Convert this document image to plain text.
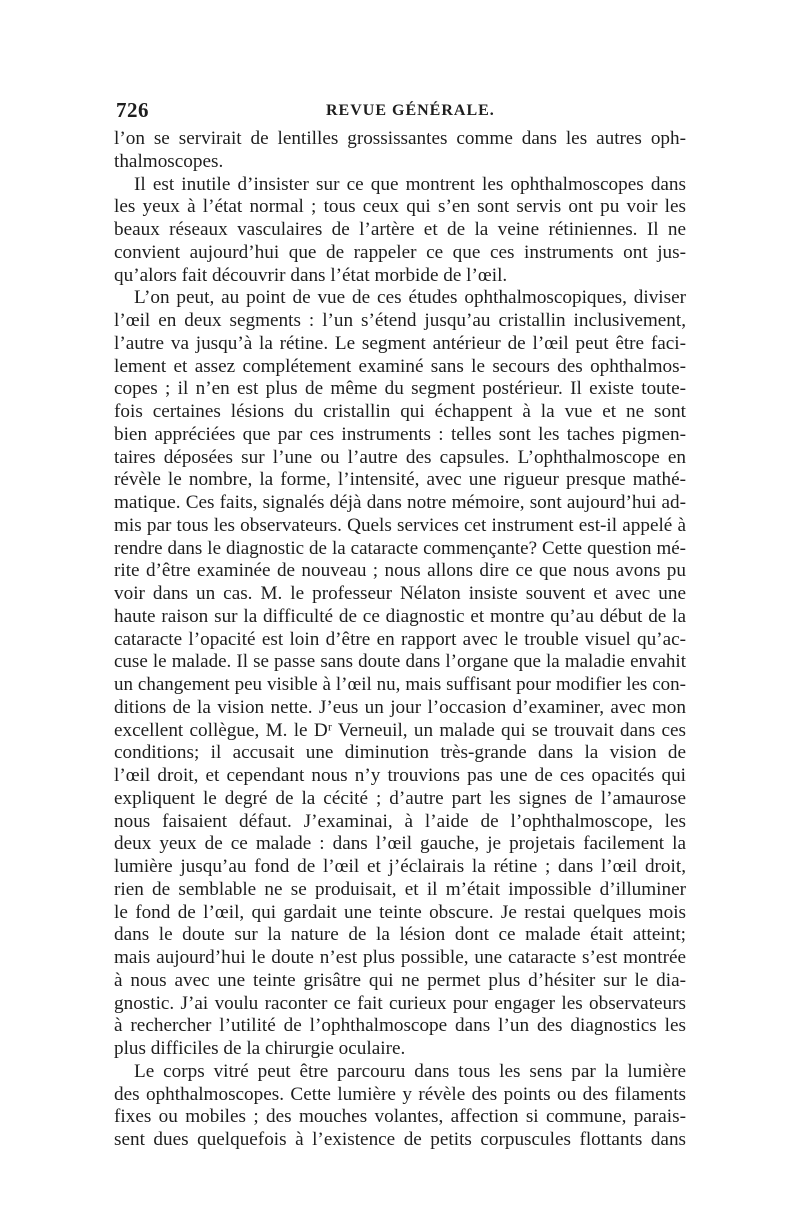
726	REVUE GÉNÉRALE.
l’on se servirait de lentilles grossissantes comme dans les autres oph-
thalmoscopes.
Il est inutile d’insister sur ce que montrent les ophthalmoscopes dans
les yeux à l’état normal ; tous ceux qui s’en sont servis ont pu voir les
beaux réseaux vasculaires de l’artère et de la veine rétiniennes. Il ne
convient aujourd’hui que de rappeler ce que ces instruments ont jus-
qu’alors fait découvrir dans l’état morbide de l’œil.
L’on peut, au point de vue de ces études ophthalmoscopiques, diviser
l’œil en deux segments : l’un s’étend jusqu’au cristallin inclusivement,
l’autre va jusqu’à la rétine. Le segment antérieur de l’œil peut être faci-
lement et assez complétement examiné sans le secours des ophthalmos-
copes ; il n’en est plus de même du segment postérieur. Il existe toute-
fois certaines lésions du cristallin qui échappent à la vue et ne sont
bien appréciées que par ces instruments : telles sont les taches pigmen-
taires déposées sur l’une ou l’autre des capsules. L’ophthalmoscope en
révèle le nombre, la forme, l’intensité, avec une rigueur presque mathé-
matique. Ces faits, signalés déjà dans notre mémoire, sont aujourd’hui ad-
mis par tous les observateurs. Quels services cet instrument est-il appelé à
rendre dans le diagnostic de la cataracte commençante? Cette question mé-
rite d’être examinée de nouveau ; nous allons dire ce que nous avons pu
voir dans un cas. M. le professeur Nélaton insiste souvent et avec une
haute raison sur la difficulté de ce diagnostic et montre qu’au début de la
cataracte l’opacité est loin d’être en rapport avec le trouble visuel qu’ac-
cuse le malade. Il se passe sans doute dans l’organe que la maladie envahit
un changement peu visible à l’œil nu, mais suffisant pour modifier les con-
ditions de la vision nette. J’eus un jour l’occasion d’examiner, avec mon
excellent collègue, M. le Dʳ Verneuil, un malade qui se trouvait dans ces
conditions; il accusait une diminution très-grande dans la vision de
l’œil droit, et cependant nous n’y trouvions pas une de ces opacités qui
expliquent le degré de la cécité ; d’autre part les signes de l’amaurose
nous faisaient défaut. J’examinai, à l’aide de l’ophthalmoscope, les
deux yeux de ce malade : dans l’œil gauche, je projetais facilement la
lumière jusqu’au fond de l’œil et j’éclairais la rétine ; dans l’œil droit,
rien de semblable ne se produisait, et il m’était impossible d’illuminer
le fond de l’œil, qui gardait une teinte obscure. Je restai quelques mois
dans le doute sur la nature de la lésion dont ce malade était atteint;
mais aujourd’hui le doute n’est plus possible, une cataracte s’est montrée
à nous avec une teinte grisâtre qui ne permet plus d’hésiter sur le dia-
gnostic. J’ai voulu raconter ce fait curieux pour engager les observateurs
à rechercher l’utilité de l’ophthalmoscope dans l’un des diagnostics les
plus difficiles de la chirurgie oculaire.
Le corps vitré peut être parcouru dans tous les sens par la lumière
des ophthalmoscopes. Cette lumière y révèle des points ou des filaments
fixes ou mobiles ; des mouches volantes, affection si commune, parais-
sent dues quelquefois à l’existence de petits corpuscules flottants dans
